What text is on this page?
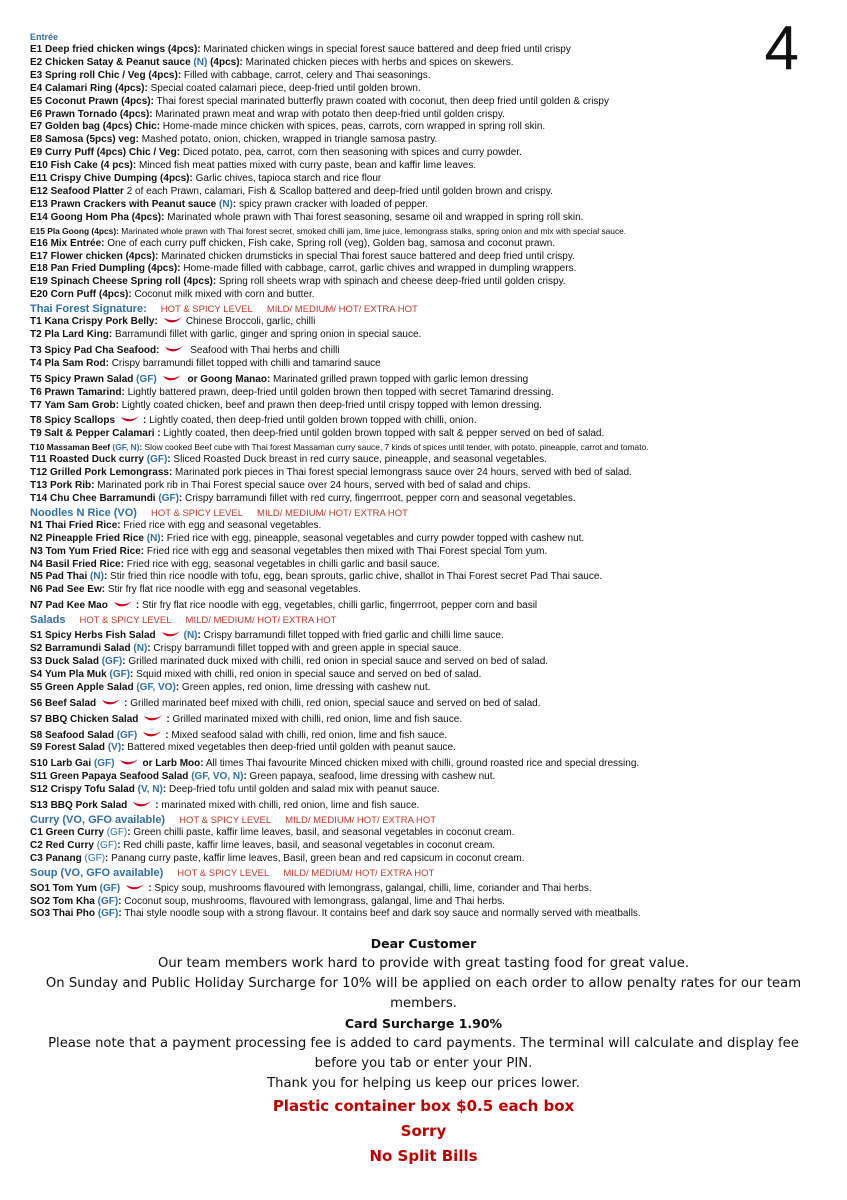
4
Entrée
E1 Deep fried chicken wings (4pcs): Marinated chicken wings in special forest sauce battered and deep fried until crispy
E2 Chicken Satay & Peanut sauce (N) (4pcs): Marinated chicken pieces with herbs and spices on skewers.
E3 Spring roll Chic / Veg (4pcs): Filled with cabbage, carrot, celery and Thai seasonings.
E4 Calamari Ring (4pcs): Special coated calamari piece, deep-fried until golden brown.
E5 Coconut Prawn (4pcs): Thai forest special marinated butterfly prawn coated with coconut, then deep fried until golden & crispy
E6 Prawn Tornado (4pcs): Marinated prawn meat and wrap with potato then deep-fried until golden crispy.
E7 Golden bag (4pcs) Chic: Home-made mince chicken with spices, peas, carrots, corn wrapped in spring roll skin.
E8 Samosa (5pcs) veg: Mashed potato, onion, chicken, wrapped in triangle samosa pastry.
E9 Curry Puff (4pcs) Chic / Veg: Diced potato, pea, carrot, corn then seasoning with spices and curry powder.
E10 Fish Cake (4 pcs): Minced fish meat patties mixed with curry paste, bean and kaffir lime leaves.
E11 Crispy Chive Dumping (4pcs): Garlic chives, tapioca starch and rice flour
E12 Seafood Platter 2 of each Prawn, calamari, Fish & Scallop battered and deep-fried until golden brown and crispy.
E13 Prawn Crackers with Peanut sauce (N): spicy prawn cracker with loaded of pepper.
E14 Goong Hom Pha (4pcs): Marinated whole prawn with Thai forest seasoning, sesame oil and wrapped in spring roll skin.
E15 Pla Goong (4pcs): Marinated whole prawn with Thai forest secret, smoked chilli jam, lime juice, lemongrass stalks, spring onion and mix with special sauce.
E16 Mix Entrée: One of each curry puff chicken, Fish cake, Spring roll (veg), Golden bag, samosa and coconut prawn.
E17 Flower chicken (4pcs): Marinated chicken drumsticks in special Thai forest sauce battered and deep fried until crispy.
E18 Pan Fried Dumpling (4pcs): Home-made filled with cabbage, carrot, garlic chives and wrapped in dumpling wrappers.
E19 Spinach Cheese Spring roll (4pcs): Spring roll sheets wrap with spinach and cheese deep-fried until golden crispy.
E20 Corn Puff (4pcs): Coconut milk mixed with corn and butter.
Thai Forest Signature: HOT & SPICY LEVEL MILD/ MEDIUM/ HOT/ EXTRA HOT
T1 Kana Crispy Pork Belly:	Chinese Broccoli, garlic, chilli
T2 Pla Lard King: Barramundi fillet with garlic, ginger and spring onion in special sauce.
T3 Spicy Pad Cha Seafood:	Seafood with Thai herbs and chilli
T4 Pla Sam Rod: Crispy barramundi fillet topped with chilli and tamarind sauce
T5 Spicy Prawn Salad (GF)	or Goong Manao: Marinated grilled prawn topped with garlic lemon dressing
T6 Prawn Tamarind: Lightly battered prawn, deep-fried until golden brown then topped with secret Tamarind dressing.
T7 Yam Sam Grob: Lightly coated chicken, beef and prawn then deep-fried until crispy topped with lemon dressing.
T8 Spicy Scallops	: Lightly coated, then deep-fried until golden brown topped with chilli, onion.
T9 Salt & Pepper Calamari : Lightly coated, then deep-fried until golden brown topped with salt & pepper served on bed of salad.
T10 Massaman Beef (GF, N): Slow cooked Beef cube with Thai forest Massaman curry sauce, 7 kinds of spices until tender, with potato, pineapple, carrot and tomato.
T11 Roasted Duck curry (GF): Sliced Roasted Duck breast in red curry sauce, pineapple, and seasonal vegetables.
T12 Grilled Pork Lemongrass: Marinated pork pieces in Thai forest special lemongrass sauce over 24 hours, served with bed of salad.
T13 Pork Rib: Marinated pork rib in Thai Forest special sauce over 24 hours, served with bed of salad and chips.
T14 Chu Chee Barramundi (GF): Crispy barramundi fillet with red curry, fingerrroot, pepper corn and seasonal vegetables.
Noodles N Rice (VO) HOT & SPICY LEVEL MILD/ MEDIUM/ HOT/ EXTRA HOT
N1 Thai Fried Rice: Fried rice with egg and seasonal vegetables.
N2 Pineapple Fried Rice (N): Fried rice with egg, pineapple, seasonal vegetables and curry powder topped with cashew nut.
N3 Tom Yum Fried Rice: Fried rice with egg and seasonal vegetables then mixed with Thai Forest special Tom yum.
N4 Basil Fried Rice: Fried rice with egg, seasonal vegetables in chilli garlic and basil sauce.
N5 Pad Thai (N): Stir fried thin rice noodle with tofu, egg, bean sprouts, garlic chive, shallot in Thai Forest secret Pad Thai sauce.
N6 Pad See Ew: Stir fry flat rice noodle with egg and seasonal vegetables.
N7 Pad Kee Mao	: Stir fry flat rice noodle with egg, vegetables, chilli garlic, fingerrroot, pepper corn and basil
Salads HOT & SPICY LEVEL MILD/ MEDIUM/ HOT/ EXTRA HOT
S1 Spicy Herbs Fish Salad	(N): Crispy barramundi fillet topped with fried garlic and chilli lime sauce.
S2 Barramundi Salad (N): Crispy barramundi fillet topped with and green apple in special sauce.
S3 Duck Salad (GF): Grilled marinated duck mixed with chilli, red onion in special sauce and served on bed of salad.
S4 Yum Pla Muk (GF): Squid mixed with chilli, red onion in special sauce and served on bed of salad.
S5 Green Apple Salad (GF, VO): Green apples, red onion, lime dressing with cashew nut.
S6 Beef Salad	: Grilled marinated beef mixed with chilli, red onion, special sauce and served on bed of salad.
S7 BBQ Chicken Salad	: Grilled marinated mixed with chilli, red onion, lime and fish sauce.
S8 Seafood Salad (GF)	: Mixed seafood salad with chilli, red onion, lime and fish sauce.
S9 Forest Salad (V): Battered mixed vegetables then deep-fried until golden with peanut sauce.
S10 Larb Gai (GF)	or Larb Moo: All times Thai favourite Minced chicken mixed with chilli, ground roasted rice and special dressing.
S11 Green Papaya Seafood Salad (GF, VO, N): Green papaya, seafood, lime dressing with cashew nut.
S12 Crispy Tofu Salad (V, N): Deep-fried tofu until golden and salad mix with peanut sauce.
S13 BBQ Pork Salad	: marinated mixed with chilli, red onion, lime and fish sauce.
Curry (VO, GFO available) HOT & SPICY LEVEL MILD/ MEDIUM/ HOT/ EXTRA HOT
C1 Green Curry (GF): Green chilli paste, kaffir lime leaves, basil, and seasonal vegetables in coconut cream.
C2 Red Curry (GF): Red chilli paste, kaffir lime leaves, basil, and seasonal vegetables in coconut cream.
C3 Panang (GF): Panang curry paste, kaffir lime leaves, Basil, green bean and red capsicum in coconut cream.
Soup (VO, GFO available) HOT & SPICY LEVEL MILD/ MEDIUM/ HOT/ EXTRA HOT
SO1 Tom Yum (GF)	: Spicy soup, mushrooms flavoured with lemongrass, galangal, chilli, lime, coriander and Thai herbs.
SO2 Tom Kha (GF): Coconut soup, mushrooms, flavoured with lemongrass, galangal, lime and Thai herbs.
SO3 Thai Pho (GF): Thai style noodle soup with a strong flavour. It contains beef and dark soy sauce and normally served with meatballs.
Dear Customer
Our team members work hard to provide with great tasting food for great value.
On Sunday and Public Holiday Surcharge for 10% will be applied on each order to allow penalty rates for our team members.
Card Surcharge 1.90%
Please note that a payment processing fee is added to card payments. The terminal will calculate and display fee before you tab or enter your PIN.
Thank you for helping us keep our prices lower.
Plastic container box $0.5 each box
Sorry
No Split Bills
